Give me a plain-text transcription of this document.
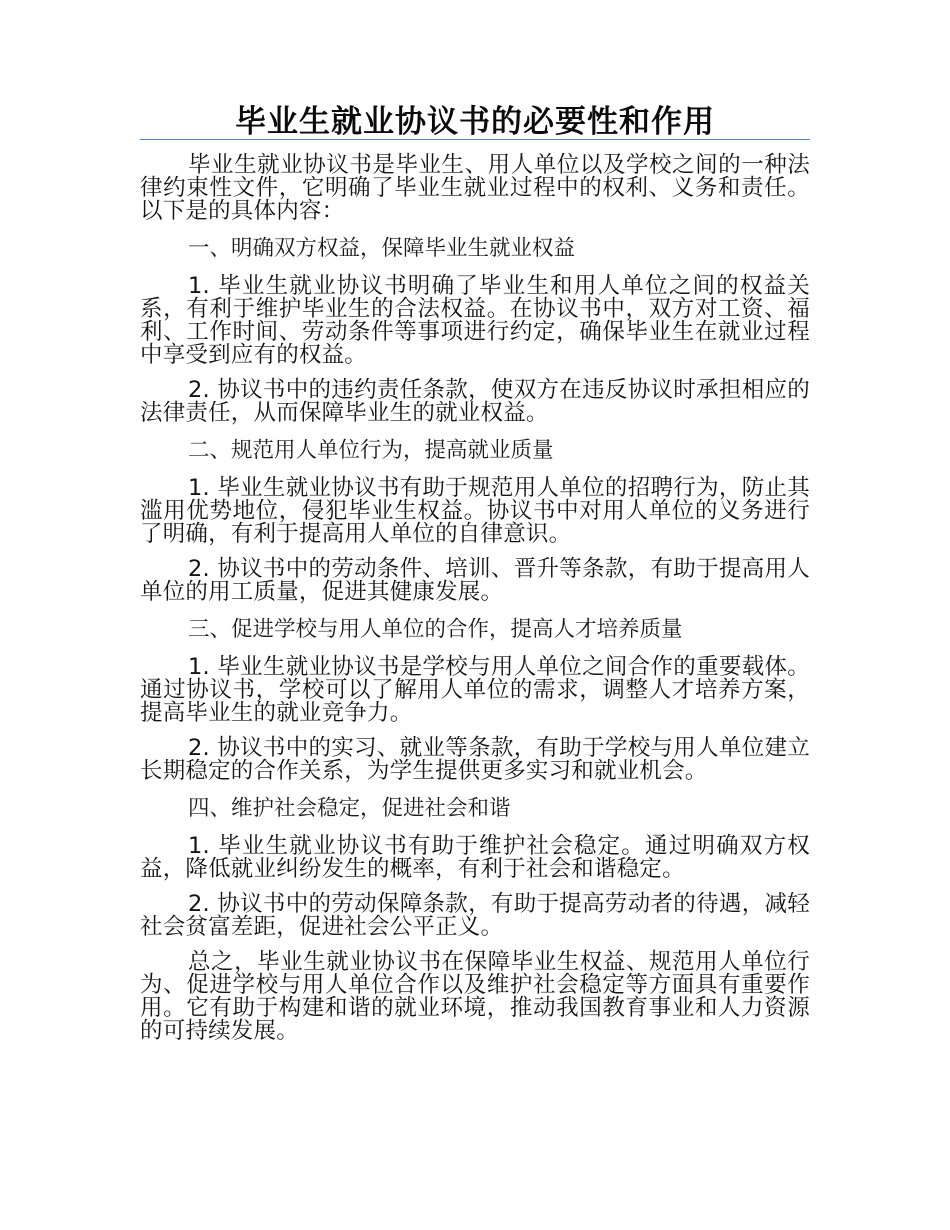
毕业生就业协议书的必要性和作用

毕业生就业协议书是毕业生、用人单位以及学校之间的一种法律约束性文件，它明确了毕业生就业过程中的权利、义务和责任。以下是的具体内容：

一、明确双方权益，保障毕业生就业权益

1. 毕业生就业协议书明确了毕业生和用人单位之间的权益关系，有利于维护毕业生的合法权益。在协议书中，双方对工资、福利、工作时间、劳动条件等事项进行约定，确保毕业生在就业过程中享受到应有的权益。

2. 协议书中的违约责任条款，使双方在违反协议时承担相应的法律责任，从而保障毕业生的就业权益。

二、规范用人单位行为，提高就业质量

1. 毕业生就业协议书有助于规范用人单位的招聘行为，防止其滥用优势地位，侵犯毕业生权益。协议书中对用人单位的义务进行了明确，有利于提高用人单位的自律意识。

2. 协议书中的劳动条件、培训、晋升等条款，有助于提高用人单位的用工质量，促进其健康发展。

三、促进学校与用人单位的合作，提高人才培养质量

1. 毕业生就业协议书是学校与用人单位之间合作的重要载体。通过协议书，学校可以了解用人单位的需求，调整人才培养方案，提高毕业生的就业竞争力。

2. 协议书中的实习、就业等条款，有助于学校与用人单位建立长期稳定的合作关系，为学生提供更多实习和就业机会。

四、维护社会稳定，促进社会和谐

1. 毕业生就业协议书有助于维护社会稳定。通过明确双方权益，降低就业纠纷发生的概率，有利于社会和谐稳定。

2. 协议书中的劳动保障条款，有助于提高劳动者的待遇，减轻社会贫富差距，促进社会公平正义。

总之，毕业生就业协议书在保障毕业生权益、规范用人单位行为、促进学校与用人单位合作以及维护社会稳定等方面具有重要作用。它有助于构建和谐的就业环境，推动我国教育事业和人力资源的可持续发展。
